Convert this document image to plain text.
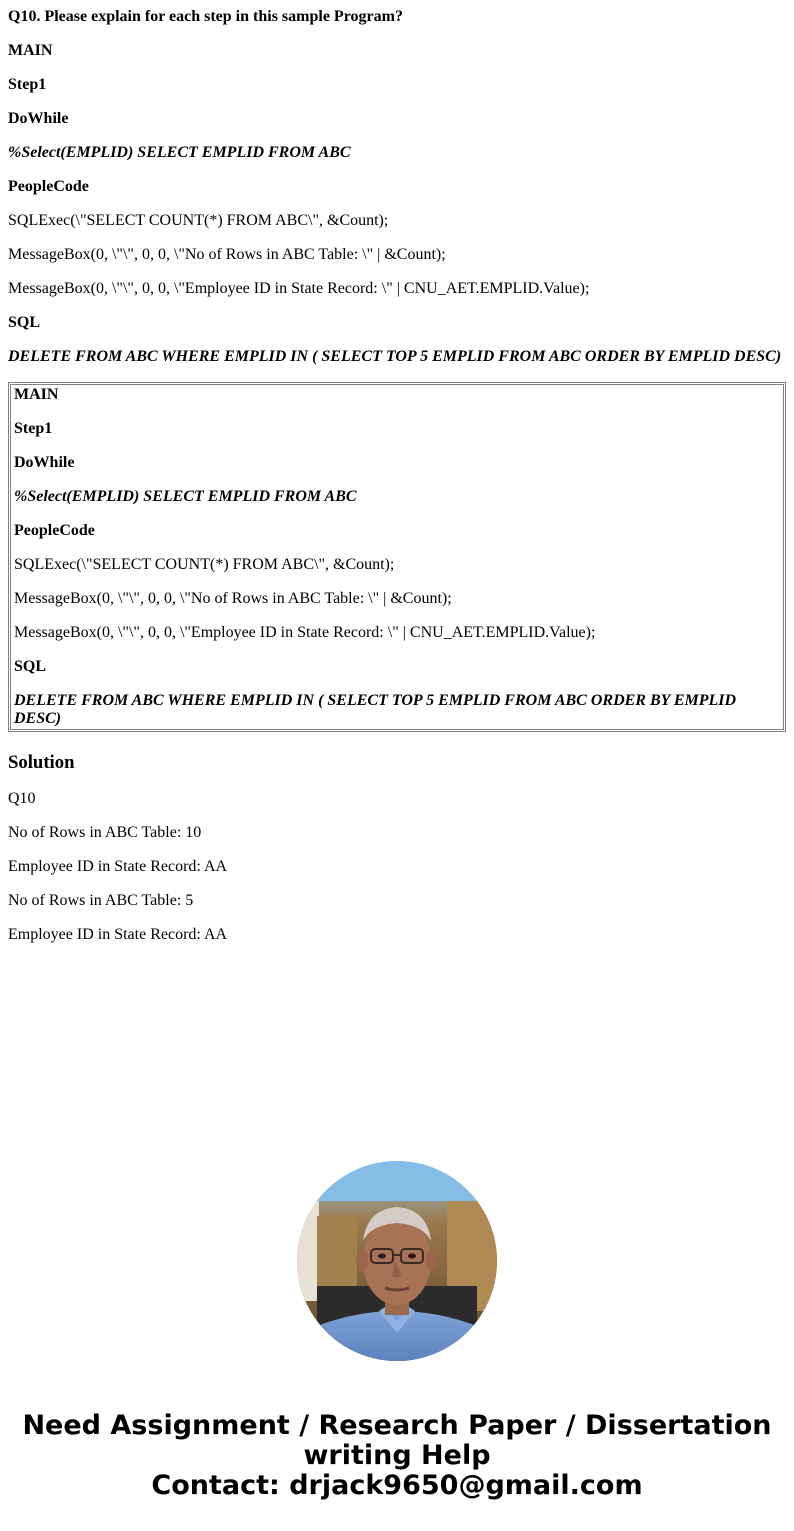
Q10. Please explain for each step in this sample Program?

MAIN

Step1

DoWhile

%Select(EMPLID) SELECT EMPLID FROM ABC

PeopleCode

SQLExec(\"SELECT COUNT(*) FROM ABC\", &Count);

MessageBox(0, \"\", 0, 0, \"No of Rows in ABC Table: \" | &Count);

MessageBox(0, \"\", 0, 0, \"Employee ID in State Record: \" | CNU_AET.EMPLID.Value);

SQL

DELETE FROM ABC WHERE EMPLID IN ( SELECT TOP 5 EMPLID FROM ABC ORDER BY EMPLID DESC)

MAIN

Step1

DoWhile

%Select(EMPLID) SELECT EMPLID FROM ABC

PeopleCode

SQLExec(\"SELECT COUNT(*) FROM ABC\", &Count);

MessageBox(0, \"\", 0, 0, \"No of Rows in ABC Table: \" | &Count);

MessageBox(0, \"\", 0, 0, \"Employee ID in State Record: \" | CNU_AET.EMPLID.Value);

SQL

DELETE FROM ABC WHERE EMPLID IN ( SELECT TOP 5 EMPLID FROM ABC ORDER BY EMPLID DESC)

Solution

Q10

No of Rows in ABC Table: 10

Employee ID in State Record: AA

No of Rows in ABC Table: 5

Employee ID in State Record: AA

Need Assignment / Research Paper / Dissertation

writing Help

Contact: drjack9650@gmail.com
